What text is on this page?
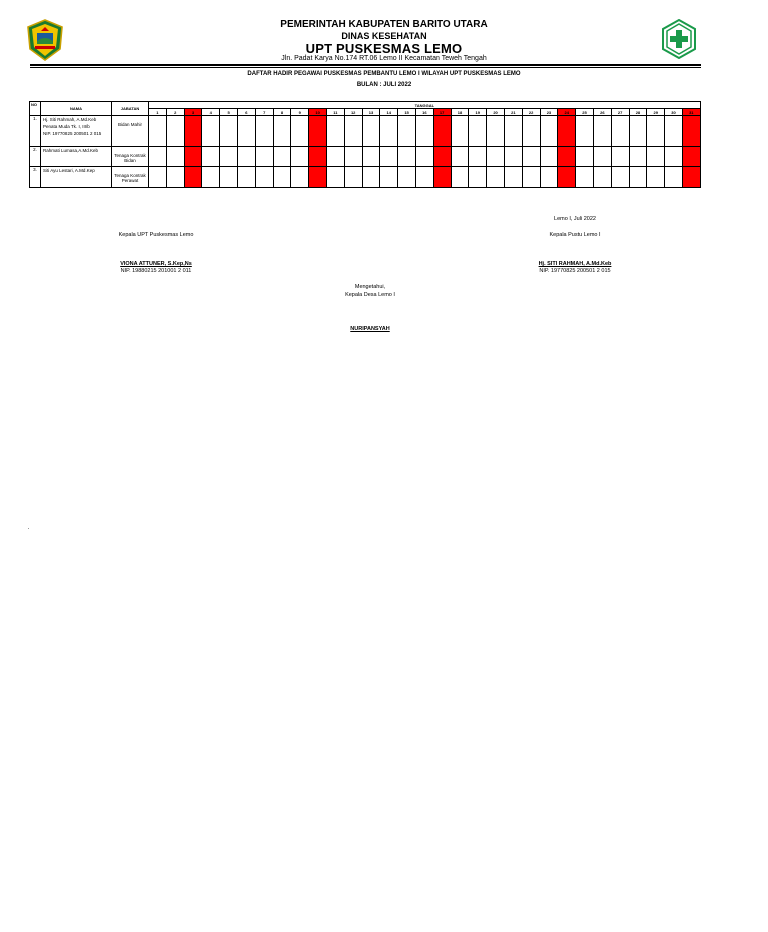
PEMERINTAH KABUPATEN BARITO UTARA
DINAS KESEHATAN
UPT PUSKESMAS LEMO
Jln. Padat Karya No.174 RT.06 Lemo II Kecamatan Teweh Tengah
DAFTAR HADIR PEGAWAI PUSKESMAS PEMBANTU LEMO I WILAYAH UPT PUSKESMAS LEMO
BULAN : JULI 2022
NO	NAMA	JABATAN	TANGGAL																														
			1	2	3	4	5	6	7	8	9	10	11	12	13	14	15	16	17	18	19	20	21	22	23	24	25	26	27	28	29	30	31
1.	Hj. Siti Rahmah, A.Md.Keb
Penata Muda Tk. I, III/b
NIP. 19770825 200501 2 015	Bidan Mahir																															

2.	Rahmati Lumasa,A.Md.Keb	Tenaga Kontrak
Bidan																															

3.	Siti Ayu Lestari, A.Md.Kep	Tenaga Kontrak
Perawat																															

Lemo I, Juli 2022
Kepala UPT Puskesmas Lemo	Kepala Pustu Lemo I
VIONA ATTUNER, S.Kep,Ns
NIP. 19880215 201001 2 011
Hj. SITI RAHMAH, A.Md.Keb
NIP. 19770825 200501 2 015
Mengetahui,
Kepala Desa Lemo I
NURIPANSYAH
